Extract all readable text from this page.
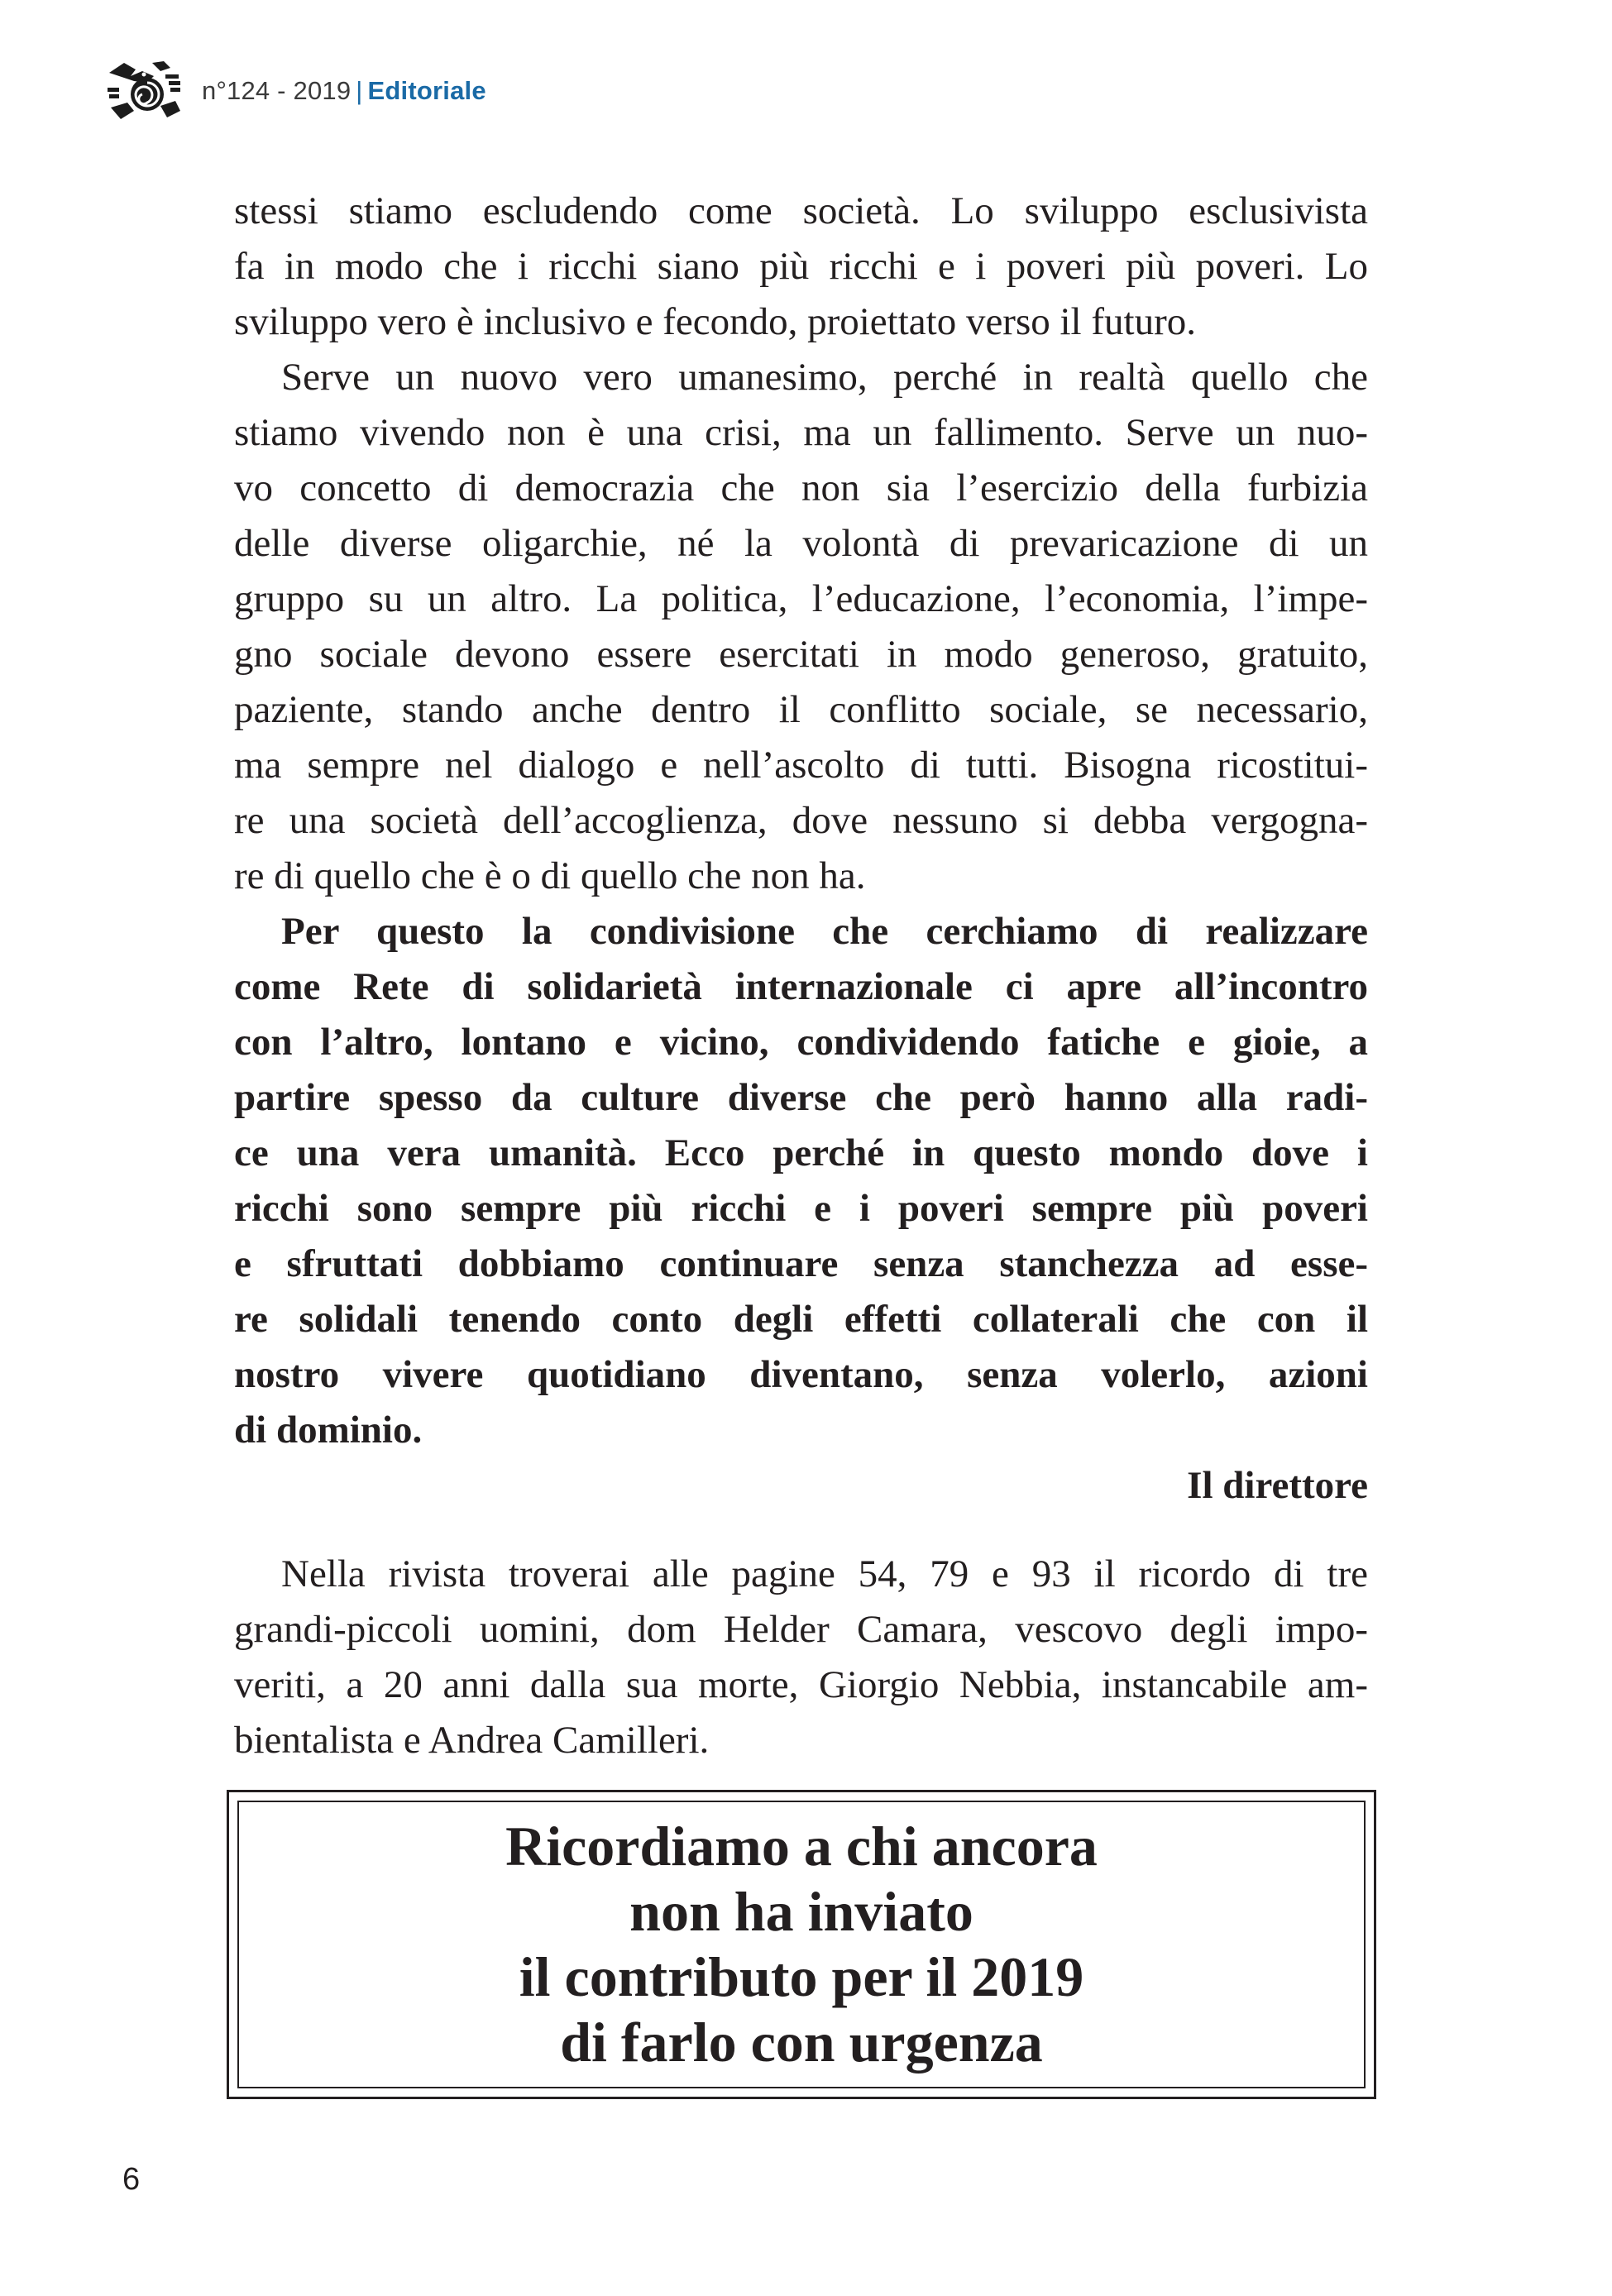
n°124 - 2019 | Editoriale
stessi stiamo escludendo come società. Lo sviluppo esclusivista
fa in modo che i ricchi siano più ricchi e i poveri più poveri. Lo
sviluppo vero è inclusivo e fecondo, proiettato verso il futuro.
Serve un nuovo vero umanesimo, perché in realtà quello che
stiamo vivendo non è una crisi, ma un fallimento. Serve un nuo-
vo concetto di democrazia che non sia l’esercizio della furbizia
delle diverse oligarchie, né la volontà di prevaricazione di un
gruppo su un altro. La politica, l’educazione, l’economia, l’impe-
gno sociale devono essere esercitati in modo generoso, gratuito,
paziente, stando anche dentro il conflitto sociale, se necessario,
ma sempre nel dialogo e nell’ascolto di tutti. Bisogna ricostitui-
re una società dell’accoglienza, dove nessuno si debba vergogna-
re di quello che è o di quello che non ha.
Per questo la condivisione che cerchiamo di realizzare
come Rete di solidarietà internazionale ci apre all’incontro
con l’altro, lontano e vicino, condividendo fatiche e gioie, a
partire spesso da culture diverse che però hanno alla radi-
ce una vera umanità. Ecco perché in questo mondo dove i
ricchi sono sempre più ricchi e i poveri sempre più poveri
e sfruttati dobbiamo continuare senza stanchezza ad esse-
re solidali tenendo conto degli effetti collaterali che con il
nostro vivere quotidiano diventano, senza volerlo, azioni
di dominio.
Il direttore
Nella rivista troverai alle pagine 54, 79 e 93 il ricordo di tre
grandi-piccoli uomini, dom Helder Camara, vescovo degli impo-
veriti, a 20 anni dalla sua morte, Giorgio Nebbia, instancabile am-
bientalista e Andrea Camilleri.
Ricordiamo a chi ancora
non ha inviato
il contributo per il 2019
di farlo con urgenza
6
